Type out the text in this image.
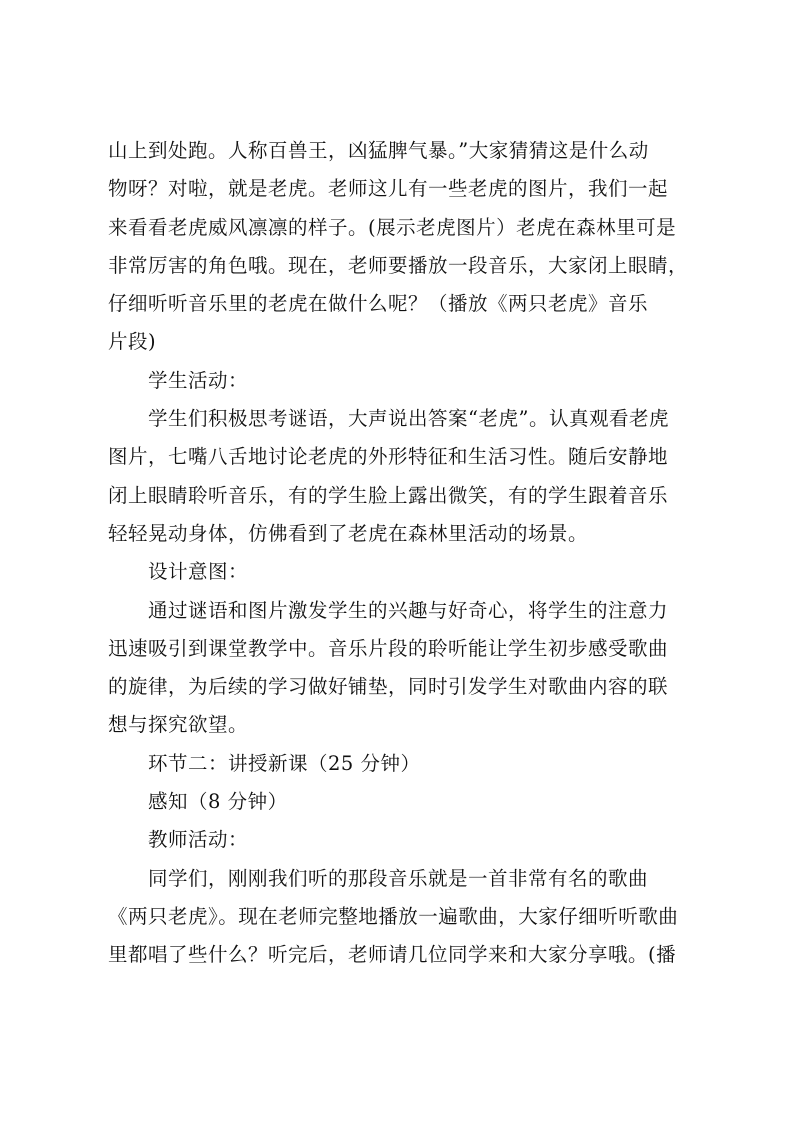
山上到处跑。人称百兽王，凶猛脾气暴。”大家猜猜这是什么动
物呀？对啦，就是老虎。老师这儿有一些老虎的图片，我们一起
来看看老虎威风凛凛的样子。(展示老虎图片）老虎在森林里可是
非常厉害的角色哦。现在，老师要播放一段音乐，大家闭上眼睛，
仔细听听音乐里的老虎在做什么呢？（播放《两只老虎》音乐
片段)
学生活动：
学生们积极思考谜语，大声说出答案“老虎”。认真观看老虎
图片，七嘴八舌地讨论老虎的外形特征和生活习性。随后安静地
闭上眼睛聆听音乐，有的学生脸上露出微笑，有的学生跟着音乐
轻轻晃动身体，仿佛看到了老虎在森林里活动的场景。
设计意图：
通过谜语和图片激发学生的兴趣与好奇心，将学生的注意力
迅速吸引到课堂教学中。音乐片段的聆听能让学生初步感受歌曲
的旋律，为后续的学习做好铺垫，同时引发学生对歌曲内容的联
想与探究欲望。
环节二：讲授新课（25 分钟）
感知（8 分钟）
教师活动：
同学们，刚刚我们听的那段音乐就是一首非常有名的歌曲
《两只老虎》。现在老师完整地播放一遍歌曲，大家仔细听听歌曲
里都唱了些什么？听完后，老师请几位同学来和大家分享哦。(播
